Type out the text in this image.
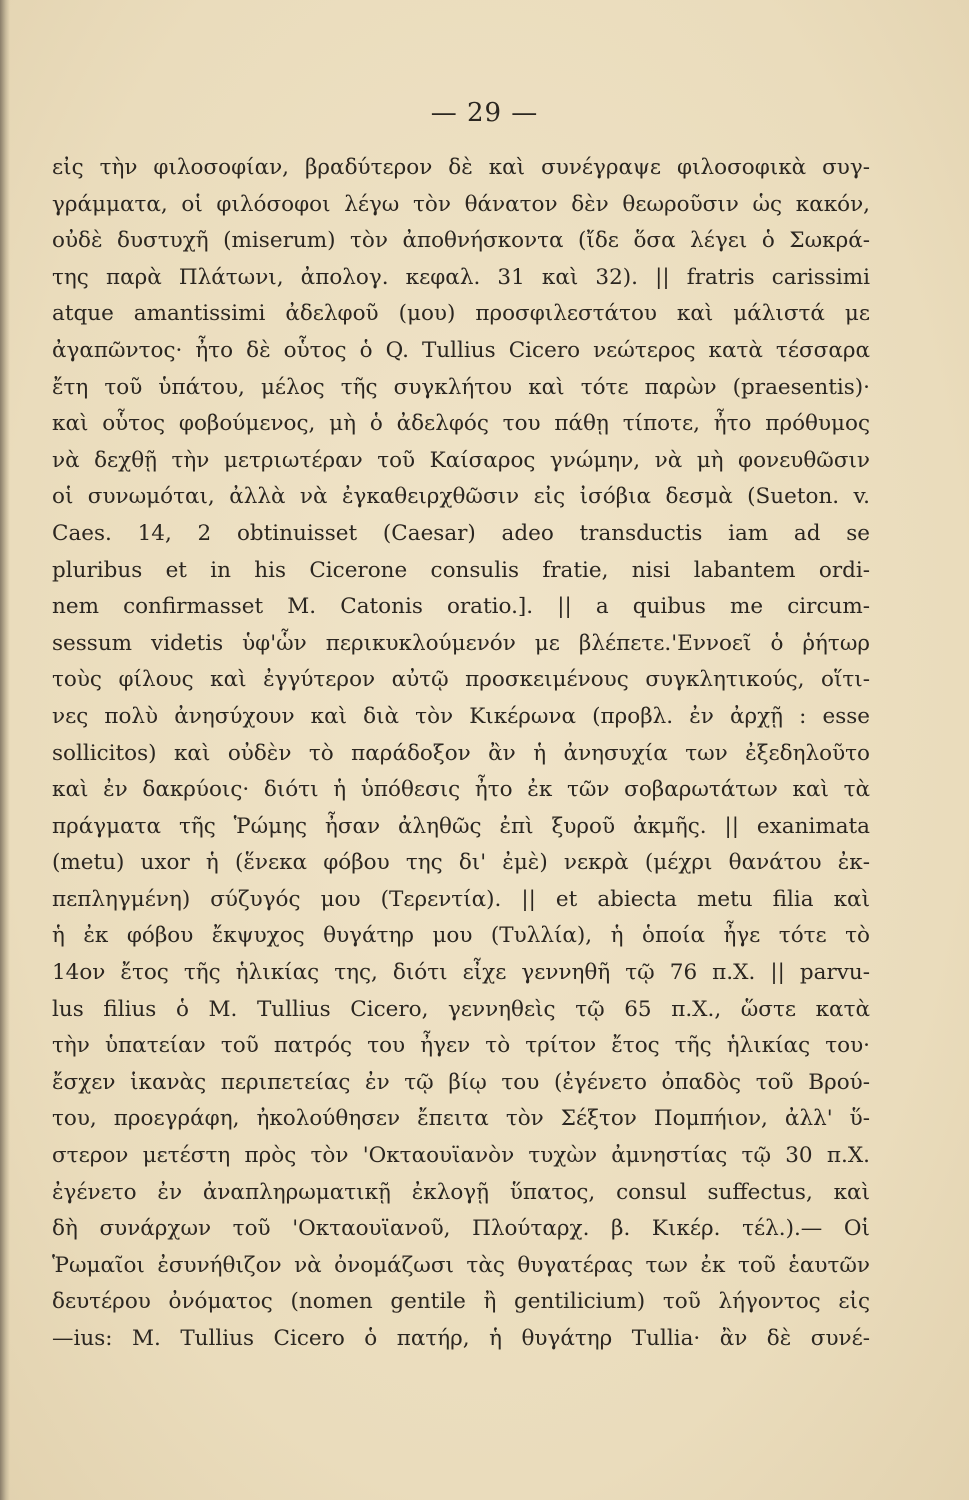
— 29 —
εἰς τὴν φιλοσοφίαν, βραδύτερον δὲ καὶ συνέγραψε φιλοσοφικὰ συγ-
γράμματα, οἱ φιλόσοφοι λέγω τὸν θάνατον δὲν θεωροῦσιν ὡς κακόν,
οὐδὲ δυστυχῆ (miserum) τὸν ἀποθνήσκοντα (ἴδε ὅσα λέγει ὁ Σωκρά-
της παρὰ Πλάτωνι, ἀπολογ. κεφαλ. 31 καὶ 32). || fratris carissimi
atque amantissimi ἀδελφοῦ (μου) προσφιλεστάτου καὶ μάλιστά με
ἀγαπῶντος· ἦτο δὲ οὗτος ὁ Q. Tullius Cicero νεώτερος κατὰ τέσσαρα
ἔτη τοῦ ὑπάτου, μέλος τῆς συγκλήτου καὶ τότε παρὼν (praesentis)·
καὶ οὗτος φοβούμενος, μὴ ὁ ἀδελφός του πάθῃ τίποτε, ἦτο πρόθυμος
νὰ δεχθῇ τὴν μετριωτέραν τοῦ Καίσαρος γνώμην, νὰ μὴ φονευθῶσιν
οἱ συνωμόται, ἀλλὰ νὰ ἐγκαθειρχθῶσιν εἰς ἰσόβια δεσμὰ (Sueton. v.
Caes. 14, 2 obtinuisset (Caesar) adeo transductis iam ad se
pluribus et in his Cicerone consulis fratie, nisi labantem ordi-
nem confirmasset M. Catonis oratio.]. || a quibus me circum-
sessum videtis ὑφ'ὧν περικυκλούμενόν με βλέπετε.'Εννοεῖ ὁ ῥήτωρ
τοὺς φίλους καὶ ἐγγύτερον αὐτῷ προσκειμένους συγκλητικούς, οἵτι-
νες πολὺ ἀνησύχουν καὶ διὰ τὸν Κικέρωνα (προβλ. ἐν ἀρχῇ : esse
sollicitos) καὶ οὐδὲν τὸ παράδοξον ἂν ἡ ἀνησυχία των ἐξεδηλοῦτο
καὶ ἐν δακρύοις· διότι ἡ ὑπόθεσις ἦτο ἐκ τῶν σοβαρωτάτων καὶ τὰ
πράγματα τῆς Ῥώμης ἦσαν ἀληθῶς ἐπὶ ξυροῦ ἀκμῆς. || exanimata
(metu) uxor ἡ (ἕνεκα φόβου της δι' ἐμὲ) νεκρὰ (μέχρι θανάτου ἐκ-
πεπληγμένη) σύζυγός μου (Τερεντία). || et abiecta metu filia καὶ
ἡ ἐκ φόβου ἔκψυχος θυγάτηρ μου (Τυλλία), ἡ ὁποία ἦγε τότε τὸ
14ον ἔτος τῆς ἡλικίας της, διότι εἶχε γεννηθῆ τῷ 76 π.Χ. || parvu-
lus filius ὁ M. Tullius Cicero, γεννηθεὶς τῷ 65 π.Χ., ὥστε κατὰ
τὴν ὑπατείαν τοῦ πατρός του ἦγεν τὸ τρίτον ἔτος τῆς ἡλικίας του·
ἔσχεν ἱκανὰς περιπετείας ἐν τῷ βίῳ του (ἐγένετο ὀπαδὸς τοῦ Βρού-
του, προεγράφη, ἠκολούθησεν ἔπειτα τὸν Σέξτον Πομπήιον, ἀλλ' ὕ-
στερον μετέστη πρὸς τὸν 'Οκταουϊανὸν τυχὼν ἀμνηστίας τῷ 30 π.Χ.
ἐγένετο ἐν ἀναπληρωματικῇ ἐκλογῇ ὕπατος, consul suffectus, καὶ
δὴ συνάρχων τοῦ 'Οκταουϊανοῦ, Πλούταρχ. β. Κικέρ. τέλ.).— Οἱ
Ῥωμαῖοι ἐσυνήθιζον νὰ ὀνομάζωσι τὰς θυγατέρας των ἐκ τοῦ ἑαυτῶν
δευτέρου ὀνόματος (nomen gentile ἢ gentilicium) τοῦ λήγοντος εἰς
—ius: M. Tullius Cicero ὁ πατήρ, ἡ θυγάτηρ Tullia· ἂν δὲ συνέ-
